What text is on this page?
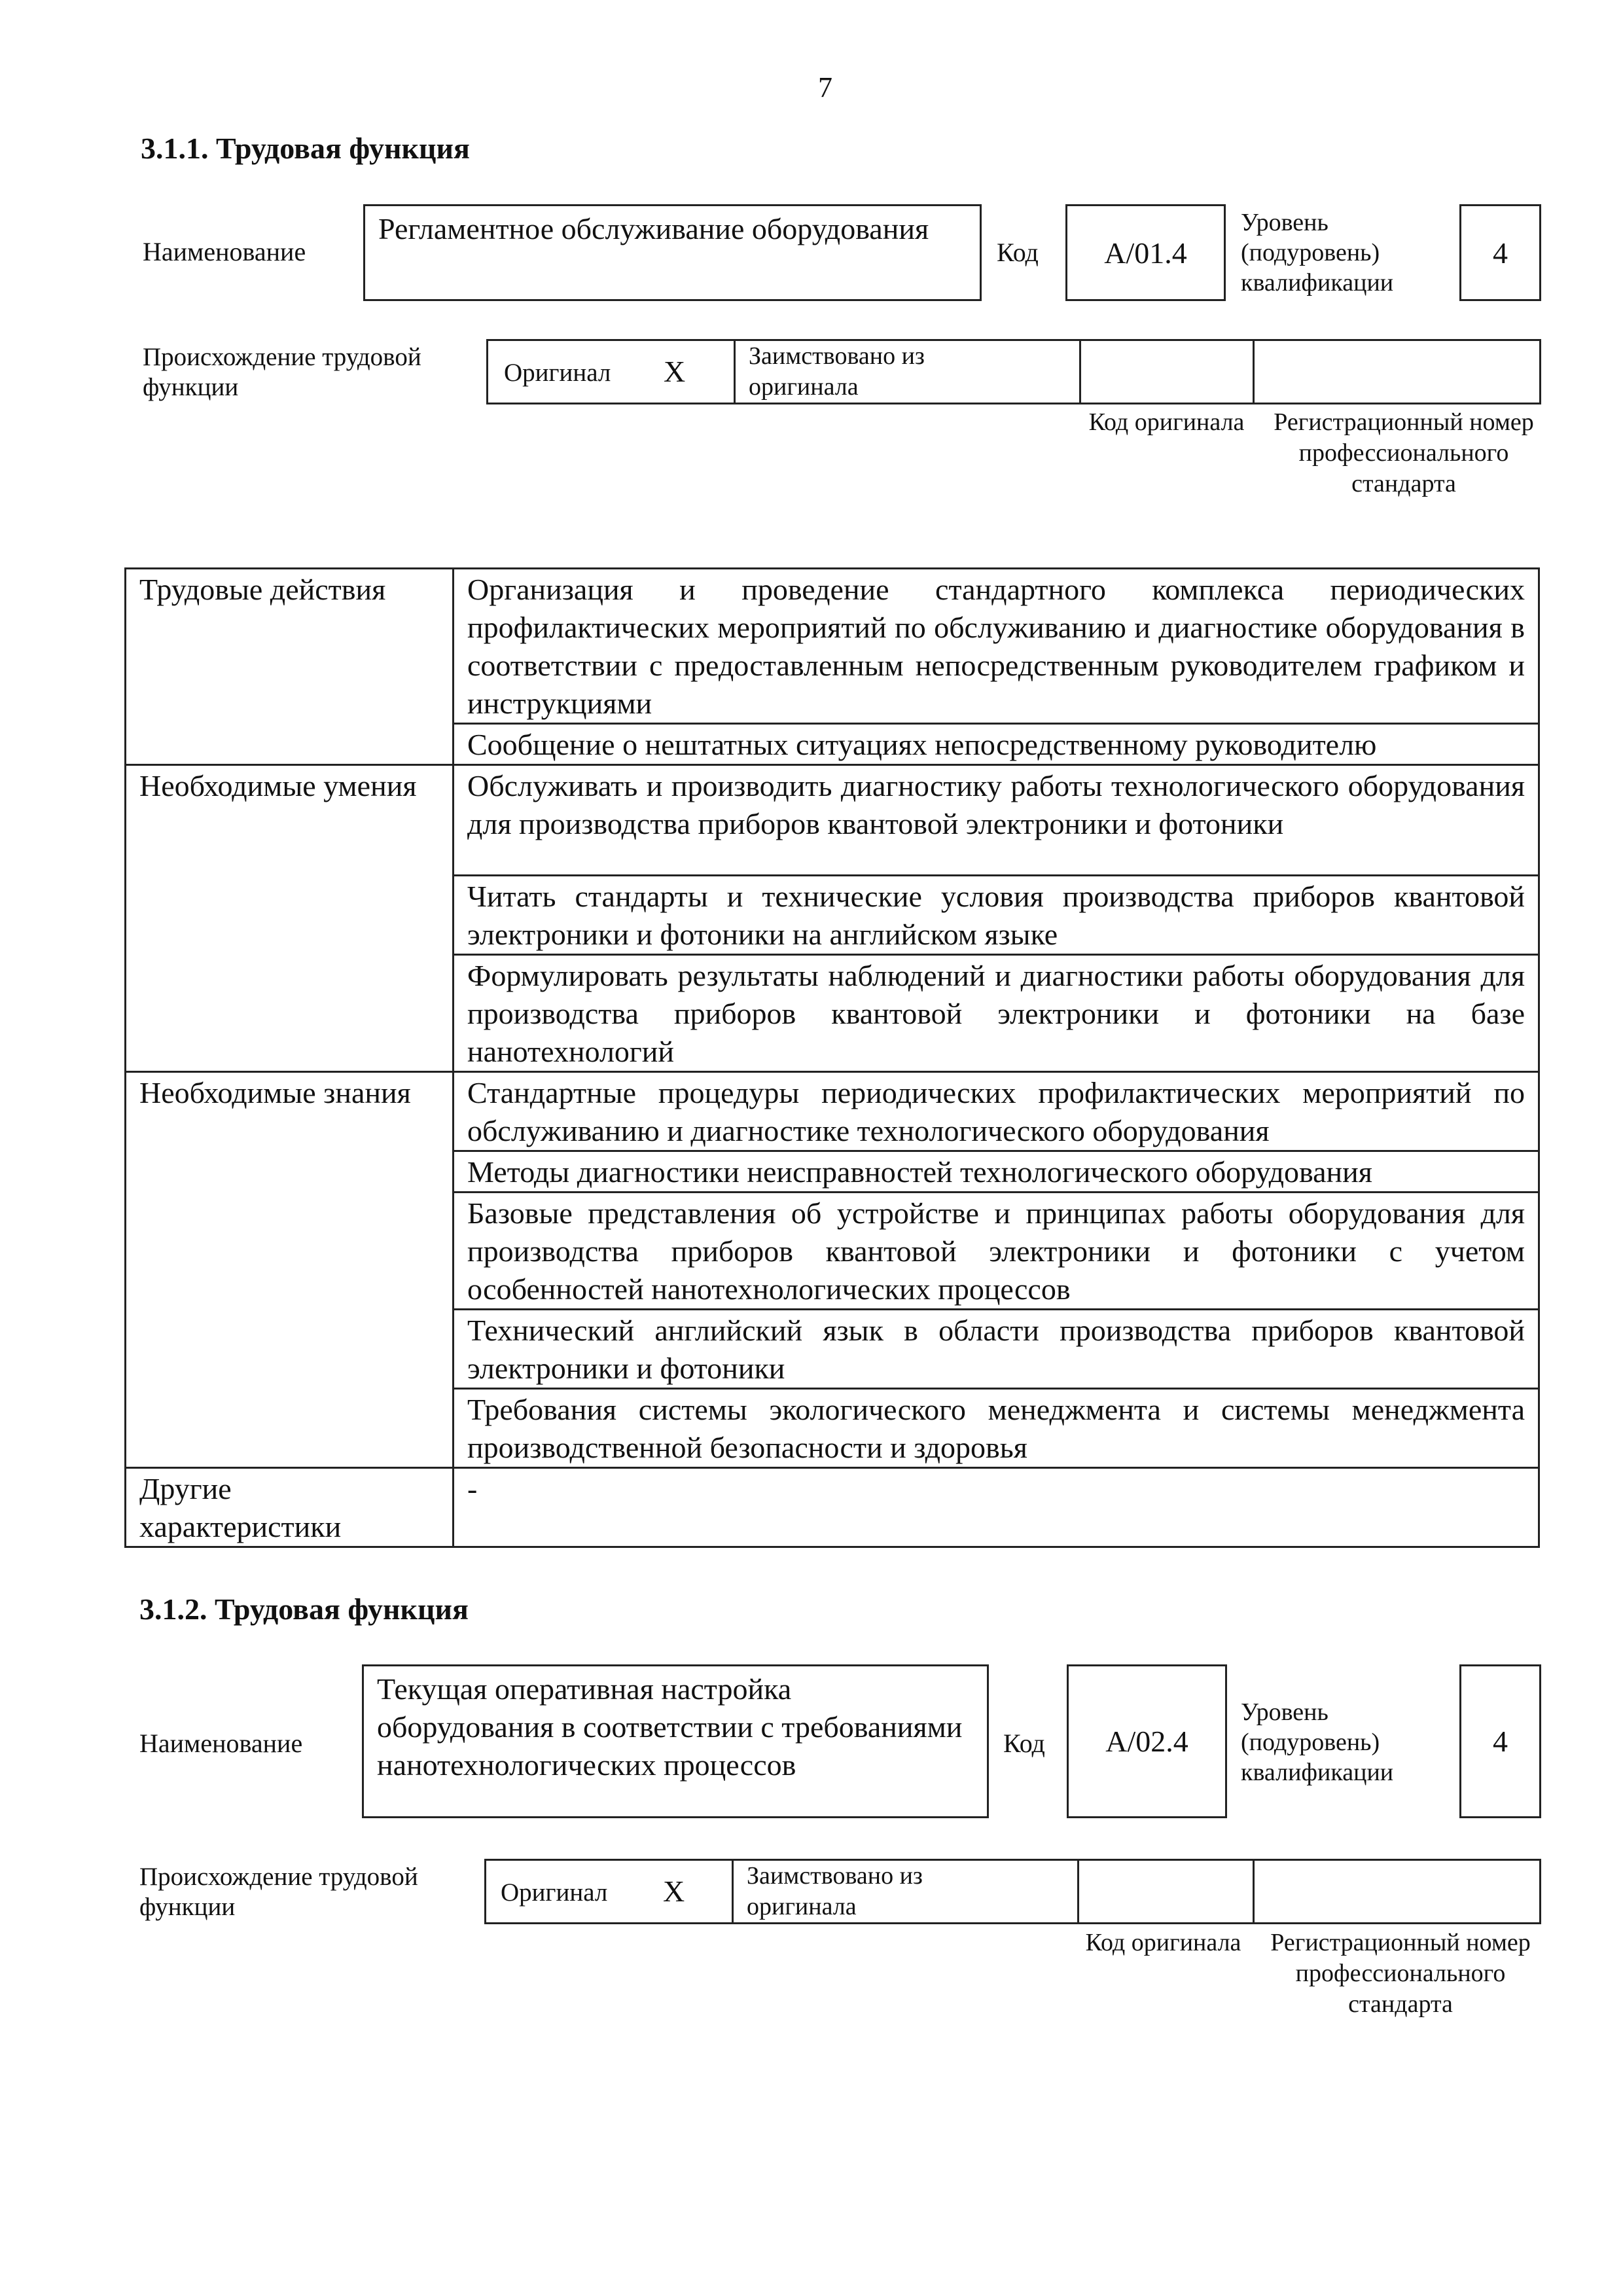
7
3.1.1. Трудовая функция
Наименование
Регламентное обслуживание оборудования
Код А/01.4
Уровень (подуровень) квалификации
4
Происхождение трудовой функции
Оригинал Х	Заимствовано из оригинала
Код оригинала	Регистрационный номер профессионального стандарта
Трудовые действия	Организация и проведение стандартного комплекса периодических профилактических мероприятий по обслуживанию и диагностике оборудования в соответствии с предоставленным непосредственным руководителем графиком и инструкциями
	Сообщение о нештатных ситуациях непосредственному руководителю
Необходимые умения	Обслуживать и производить диагностику работы технологического оборудования для производства приборов квантовой электроники и фотоники
	Читать стандарты и технические условия производства приборов квантовой электроники и фотоники на английском языке
	Формулировать результаты наблюдений и диагностики работы оборудования для производства приборов квантовой электроники и фотоники на базе нанотехнологий
Необходимые знания	Стандартные процедуры периодических профилактических мероприятий по обслуживанию и диагностике технологического оборудования
	Методы диагностики неисправностей технологического оборудования
	Базовые представления об устройстве и принципах работы оборудования для производства приборов квантовой электроники и фотоники с учетом особенностей нанотехнологических процессов
	Технический английский язык в области производства приборов квантовой электроники и фотоники
	Требования системы экологического менеджмента и системы менеджмента производственной безопасности и здоровья
Другие характеристики	-
3.1.2. Трудовая функция
Наименование
Текущая оперативная настройка оборудования в соответствии с требованиями нанотехнологических процессов
Код А/02.4
Уровень (подуровень) квалификации
4
Происхождение трудовой функции
Оригинал Х Заимствовано из оригинала
Код оригинала	Регистрационный номер профессионального стандарта
